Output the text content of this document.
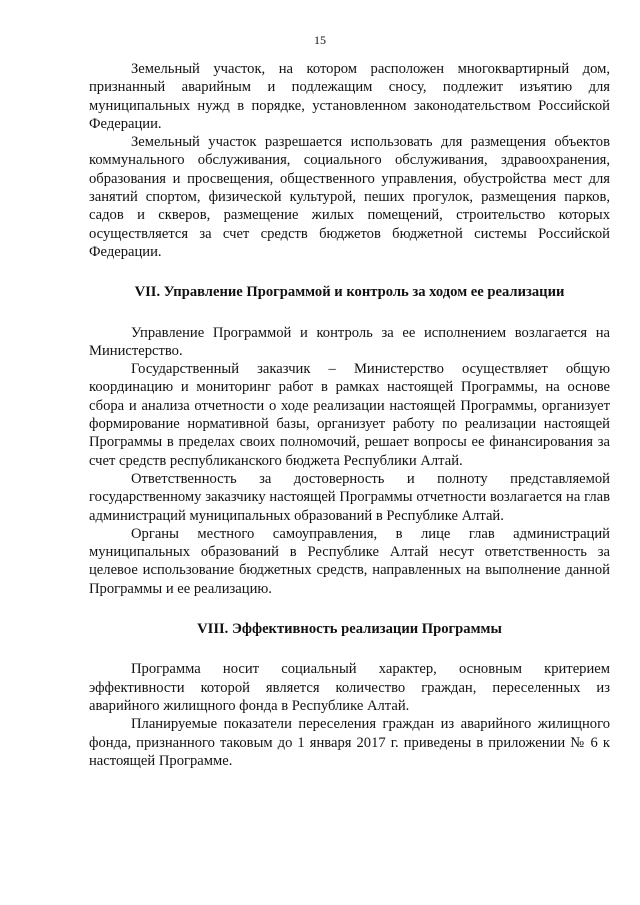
15

Земельный участок, на котором расположен многоквартирный дом, признанный аварийным и подлежащим сносу, подлежит изъятию для муниципальных нужд в порядке, установленном законодательством Российской Федерации.

Земельный участок разрешается использовать для размещения объектов коммунального обслуживания, социального обслуживания, здравоохранения, образования и просвещения, общественного управления, обустройства мест для занятий спортом, физической культурой, пеших прогулок, размещения парков, садов и скверов, размещение жилых помещений, строительство которых осуществляется за счет средств бюджетов бюджетной системы Российской Федерации.

VII. Управление Программой и контроль за ходом ее реализации

Управление Программой и контроль за ее исполнением возлагается на Министерство.

Государственный заказчик – Министерство осуществляет общую координацию и мониторинг работ в рамках настоящей Программы, на основе сбора и анализа отчетности о ходе реализации настоящей Программы, организует формирование нормативной базы, организует работу по реализации настоящей Программы в пределах своих полномочий, решает вопросы ее финансирования за счет средств республиканского бюджета Республики Алтай.

Ответственность за достоверность и полноту представляемой государственному заказчику настоящей Программы отчетности возлагается на глав администраций муниципальных образований в Республике Алтай.

Органы местного самоуправления, в лице глав администраций муниципальных образований в Республике Алтай несут ответственность за целевое использование бюджетных средств, направленных на выполнение данной Программы и ее реализацию.

VIII. Эффективность реализации Программы

Программа носит социальный характер, основным критерием эффективности которой является количество граждан, переселенных из аварийного жилищного фонда в Республике Алтай.

Планируемые показатели переселения граждан из аварийного жилищного фонда, признанного таковым до 1 января 2017 г. приведены в приложении № 6 к настоящей Программе.
